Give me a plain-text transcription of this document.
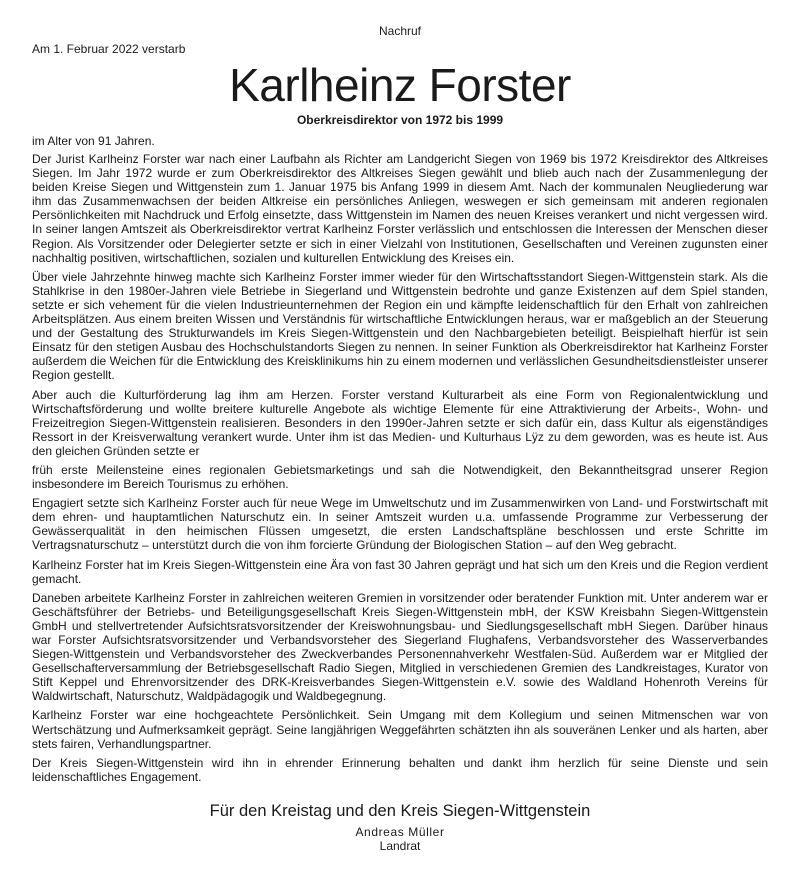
Nachruf
Am 1. Februar 2022 verstarb
Karlheinz Forster
Oberkreisdirektor von 1972 bis 1999
im Alter von 91 Jahren.

Der Jurist Karlheinz Forster war nach einer Laufbahn als Richter am Landgericht Siegen von 1969 bis 1972 Kreisdirektor des Altkreises Siegen. Im Jahr 1972 wurde er zum Oberkreisdirektor des Altkreises Siegen gewählt und blieb auch nach der Zusammenlegung der beiden Kreise Siegen und Wittgenstein zum 1. Januar 1975 bis Anfang 1999 in diesem Amt. Nach der kommunalen Neugliederung war ihm das Zusammenwachsen der beiden Altkreise ein persönliches Anliegen, weswegen er sich gemeinsam mit anderen regionalen Persönlichkeiten mit Nachdruck und Erfolg einsetzte, dass Wittgenstein im Namen des neuen Kreises verankert und nicht vergessen wird. In seiner langen Amtszeit als Oberkreisdirektor vertrat Karlheinz Forster verlässlich und entschlossen die Interessen der Menschen dieser Region. Als Vorsitzender oder Delegierter setzte er sich in einer Vielzahl von Institutionen, Gesellschaften und Vereinen zugunsten einer nachhaltig positiven, wirtschaftlichen, sozialen und kulturellen Entwicklung des Kreises ein.

Über viele Jahrzehnte hinweg machte sich Karlheinz Forster immer wieder für den Wirtschaftsstandort Siegen-Wittgenstein stark. Als die Stahlkrise in den 1980er-Jahren viele Betriebe in Siegerland und Wittgenstein bedrohte und ganze Existenzen auf dem Spiel standen, setzte er sich vehement für die vielen Industrieunternehmen der Region ein und kämpfte leidenschaftlich für den Erhalt von zahlreichen Arbeitsplätzen. Aus einem breiten Wissen und Verständnis für wirtschaftliche Entwicklungen heraus, war er maßgeblich an der Steuerung und der Gestaltung des Strukturwandels im Kreis Siegen-Wittgenstein und den Nachbargebieten beteiligt. Beispielhaft hierfür ist sein Einsatz für den stetigen Ausbau des Hochschulstandorts Siegen zu nennen. In seiner Funktion als Oberkreisdirektor hat Karlheinz Forster außerdem die Weichen für die Entwicklung des Kreisklinikums hin zu einem modernen und verlässlichen Gesundheitsdienstleister unserer Region gestellt.

Aber auch die Kulturförderung lag ihm am Herzen. Forster verstand Kulturarbeit als eine Form von Regionalentwicklung und Wirtschaftsförderung und wollte breitere kulturelle Angebote als wichtige Elemente für eine Attraktivierung der Arbeits-, Wohn- und Freizeitregion Siegen-Wittgenstein realisieren. Besonders in den 1990er-Jahren setzte er sich dafür ein, dass Kultur als eigenständiges Ressort in der Kreisverwaltung verankert wurde. Unter ihm ist das Medien- und Kulturhaus Lÿz zu dem geworden, was es heute ist. Aus den gleichen Gründen setzte er

früh erste Meilensteine eines regionalen Gebietsmarketings und sah die Notwendigkeit, den Bekanntheitsgrad unserer Region insbesondere im Bereich Tourismus zu erhöhen.

Engagiert setzte sich Karlheinz Forster auch für neue Wege im Umweltschutz und im Zusammenwirken von Land- und Forstwirtschaft mit dem ehren- und hauptamtlichen Naturschutz ein. In seiner Amtszeit wurden u.a. umfassende Programme zur Verbesserung der Gewässerqualität in den heimischen Flüssen umgesetzt, die ersten Landschaftspläne beschlossen und erste Schritte im Vertragsnaturschutz – unterstützt durch die von ihm forcierte Gründung der Biologischen Station – auf den Weg gebracht.

Karlheinz Forster hat im Kreis Siegen-Wittgenstein eine Ära von fast 30 Jahren geprägt und hat sich um den Kreis und die Region verdient gemacht.

Daneben arbeitete Karlheinz Forster in zahlreichen weiteren Gremien in vorsitzender oder beratender Funktion mit. Unter anderem war er Geschäftsführer der Betriebs- und Beteiligungsgesellschaft Kreis Siegen-Wittgenstein mbH, der KSW Kreisbahn Siegen-Wittgenstein GmbH und stellvertretender Aufsichtsratsvorsitzender der Kreiswohnungsbau- und Siedlungsgesellschaft mbH Siegen. Darüber hinaus war Forster Aufsichtsratsvorsitzender und Verbandsvorsteher des Siegerland Flughafens, Verbandsvorsteher des Wasserverbandes Siegen-Wittgenstein und Verbandsvorsteher des Zweckverbandes Personennahverkehr Westfalen-Süd. Außerdem war er Mitglied der Gesellschafterversammlung der Betriebsgesellschaft Radio Siegen, Mitglied in verschiedenen Gremien des Landkreistages, Kurator von Stift Keppel und Ehrenvorsitzender des DRK-Kreisverbandes Siegen-Wittgenstein e.V. sowie des Waldland Hohenroth Vereins für Waldwirtschaft, Naturschutz, Waldpädagogik und Waldbegegnung.

Karlheinz Forster war eine hochgeachtete Persönlichkeit. Sein Umgang mit dem Kollegium und seinen Mitmenschen war von Wertschätzung und Aufmerksamkeit geprägt. Seine langjährigen Weggefährten schätzten ihn als souveränen Lenker und als harten, aber stets fairen, Verhandlungspartner.

Der Kreis Siegen-Wittgenstein wird ihn in ehrender Erinnerung behalten und dankt ihm herzlich für seine Dienste und sein leidenschaftliches Engagement.

Für den Kreistag und den Kreis Siegen-Wittgenstein
Andreas Müller
Landrat
